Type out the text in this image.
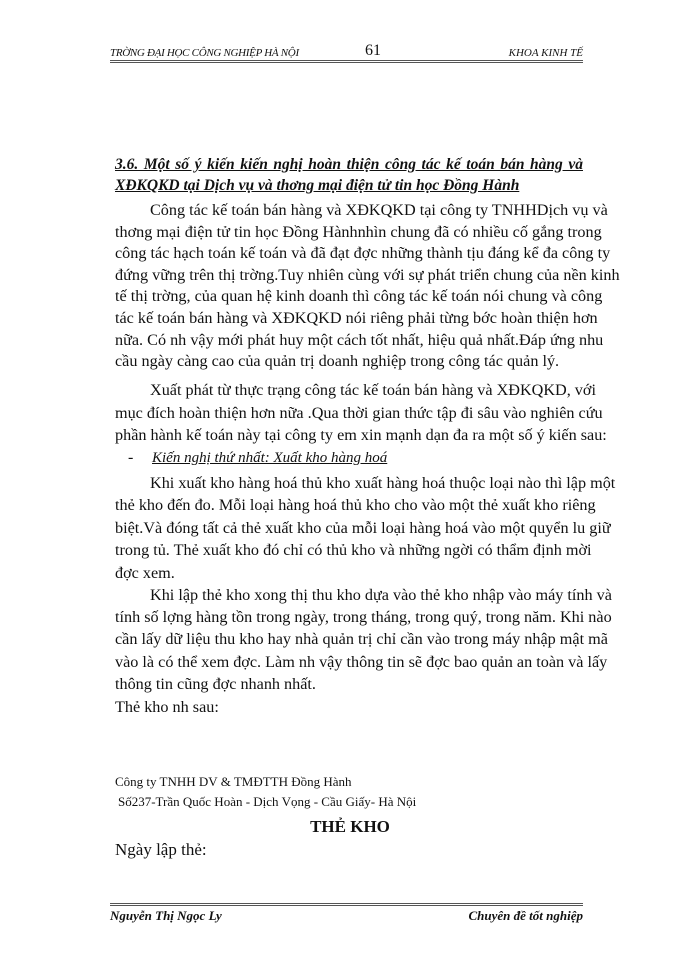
TRỜNG ĐẠI HỌC CÔNG NGHIỆP HÀ NỘI	61	KHOA KINH TẾ
3.6. Một số ý kiến kiến nghị hoàn thiện công tác kế toán bán hàng và
XĐKQKD tại Dịch vụ và thơng mại điện tử tin học Đồng Hành
- Kiến nghị thứ nhất: Xuất kho hàng hoá
Thẻ kho nh sau:
Công ty TNHH DV & TMĐTTH Đồng Hành
Số237-Trần Quốc Hoàn - Dịch Vọng - Cầu Giấy- Hà Nội
THẺ KHO
Ngày lập thẻ:
Nguyễn Thị Ngọc Ly	Chuyên đề tốt nghiệp
Công tác kế toán bán hàng và XĐKQKD tại công ty TNHHDịch vụ và
thơng mại điện tử tin học Đồng Hànhnhìn chung đã có nhiều cố gắng trong
công tác hạch toán kế toán và đã đạt đợc những thành tịu đáng kể đa công ty
đứng vững trên thị trờng.Tuy nhiên cùng với sự phát triển chung của nền kinh
tế thị trờng, của quan hệ kinh doanh thì công tác kế toán nói chung và công
tác kế toán bán hàng và XĐKQKD nói riêng phải từng bớc hoàn thiện hơn
nữa. Có nh vậy mới phát huy một cách tốt nhất, hiệu quả nhất.Đáp ứng nhu
cầu ngày càng cao của quản trị doanh nghiệp trong công tác quản lý.
Xuất phát từ thực trạng công tác kế toán bán hàng và XĐKQKD, với
mục đích hoàn thiện hơn nữa .Qua thời gian thức tập đi sâu vào nghiên cứu
phần hành kế toán này tại công ty em xin mạnh dạn đa ra một số ý kiến sau:
Khi xuất kho hàng hoá thủ kho xuất hàng hoá thuộc loại nào thì lập một
thẻ kho đến đo. Mỗi loại hàng hoá thủ kho cho vào một thẻ xuất kho riêng
biệt.Và đóng tất cả thẻ xuất kho của mỗi loại hàng hoá vào một quyển lu giữ
trong tủ. Thẻ xuất kho đó chỉ có thủ kho và những ngời có thẩm định mời
đợc xem.
Khi lập thẻ kho xong thị thu kho dựa vào thẻ kho nhập vào máy tính và
tính số lợng hàng tồn trong ngày, trong tháng, trong quý, trong năm. Khi nào
cần lấy dữ liệu thu kho hay nhà quản trị chỉ cần vào trong máy nhập mật mã
vào là có thể xem đợc. Làm nh vậy thông tin sẽ đợc bao quản an toàn và lấy
thông tin cũng đợc nhanh nhất.
